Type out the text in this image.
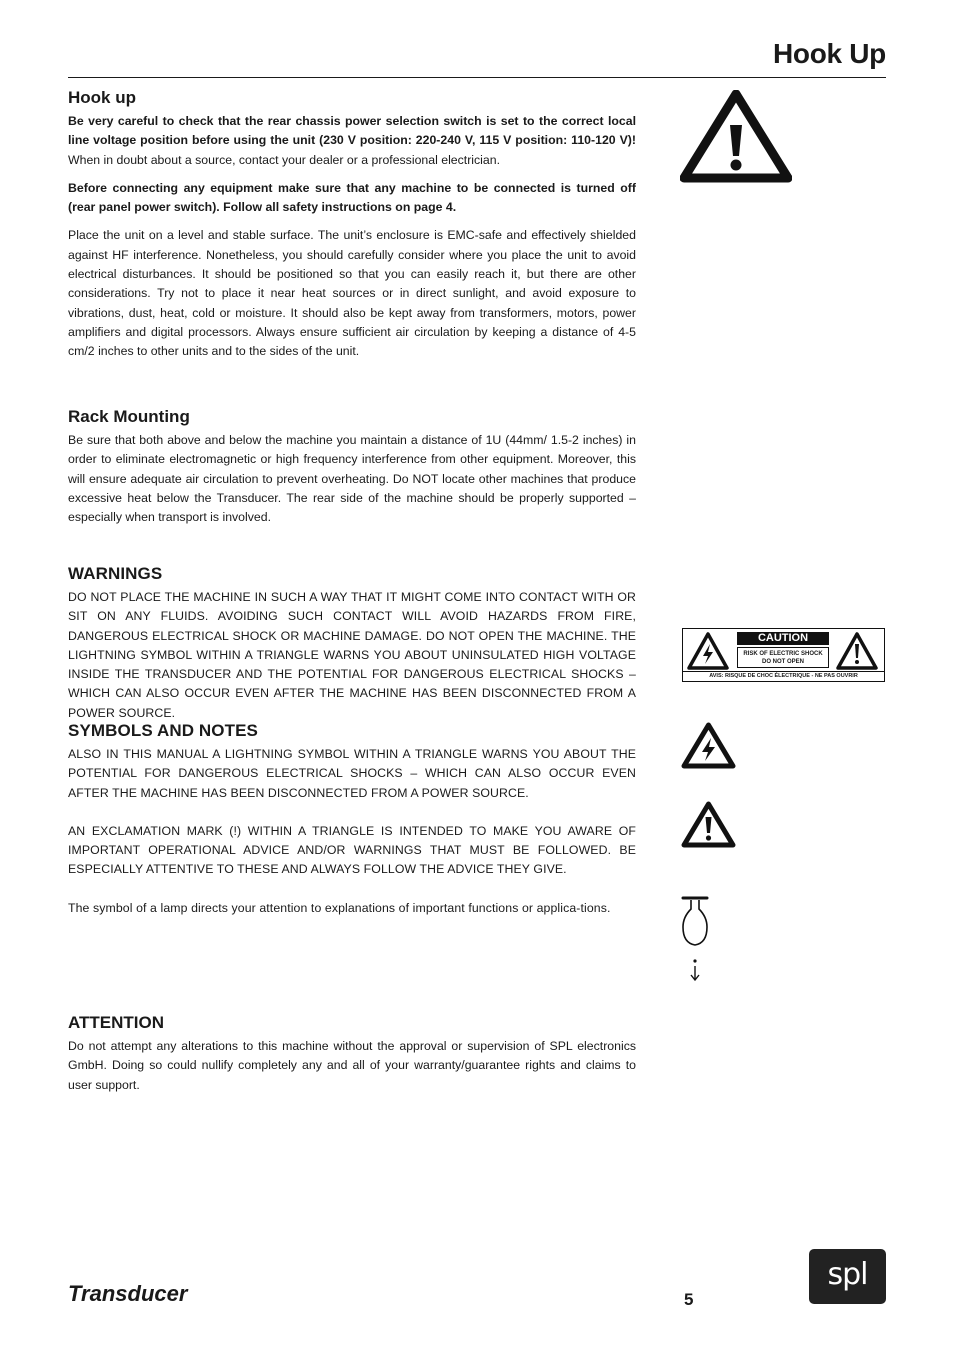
Hook Up
Hook up

Be very careful to check that the rear chassis power selection switch is set to the correct local line voltage position before using the unit (230 V position: 220-240 V, 115 V position: 110-120 V)! When in doubt about a source, contact your dealer or a professional electrician.

Before connecting any equipment make sure that any machine to be connected is turned off (rear panel power switch). Follow all safety instructions on page 4.

Place the unit on a level and stable surface. The unit’s enclosure is EMC-safe and effectively shielded against HF interference. Nonetheless, you should carefully consider where you place the unit to avoid electrical disturbances. It should be positioned so that you can easily reach it, but there are other considerations. Try not to place it near heat sources or in direct sunlight, and avoid exposure to vibrations, dust, heat, cold or moisture. It should also be kept away from transformers, motors, power amplifiers and digital processors. Always ensure sufficient air circulation by keeping a distance of 4-5 cm/2 inches to other units and to the sides of the unit.

Rack Mounting

Be sure that both above and below the machine you maintain a distance of 1U (44mm/ 1.5-2 inches) in order to eliminate electromagnetic or high frequency interference from other equipment. Moreover, this will ensure adequate air circulation to prevent overheating. Do NOT locate other machines that produce excessive heat below the Transducer. The rear side of the machine should be properly supported – especially when transport is involved.

WARNINGS

DO NOT PLACE THE MACHINE IN SUCH A WAY THAT IT MIGHT COME INTO CONTACT WITH OR SIT ON ANY FLUIDS. AVOIDING SUCH CONTACT WILL AVOID HAZARDS FROM FIRE, DANGEROUS ELECTRICAL SHOCK OR MACHINE DAMAGE. DO NOT OPEN THE MACHINE. THE LIGHTNING SYMBOL WITHIN A TRIANGLE WARNS YOU ABOUT UNINSULATED HIGH VOLTAGE INSIDE THE TRANSDUCER AND THE POTENTIAL FOR DANGEROUS ELECTRICAL SHOCKS – WHICH CAN ALSO OCCUR EVEN AFTER THE MACHINE HAS BEEN DISCONNECTED FROM A POWER SOURCE.

SYMBOLS AND NOTES

ALSO IN THIS MANUAL A LIGHTNING SYMBOL WITHIN A TRIANGLE WARNS YOU ABOUT THE POTENTIAL FOR DANGEROUS ELECTRICAL SHOCKS – WHICH CAN ALSO OCCUR EVEN AFTER THE MACHINE HAS BEEN DISCONNECTED FROM A POWER SOURCE.

AN EXCLAMATION MARK (!) WITHIN A TRIANGLE IS INTENDED TO MAKE YOU AWARE OF IMPORTANT OPERATIONAL ADVICE AND/OR WARNINGS THAT MUST BE FOLLOWED. BE ESPECIALLY ATTENTIVE TO THESE AND ALWAYS FOLLOW THE ADVICE THEY GIVE.

The symbol of a lamp directs your attention to explanations of important functions or applica-tions.

ATTENTION

Do not attempt any alterations to this machine without the approval or supervision of SPL electronics GmbH. Doing so could nullify completely any and all of your warranty/guarantee rights and claims to user support.

CAUTION
RISK OF ELECTRIC SHOCK
DO NOT OPEN
AVIS: RISQUE DE CHOC ÉLECTRIQUE - NE PAS OUVRIR
Transducer	5
spl
